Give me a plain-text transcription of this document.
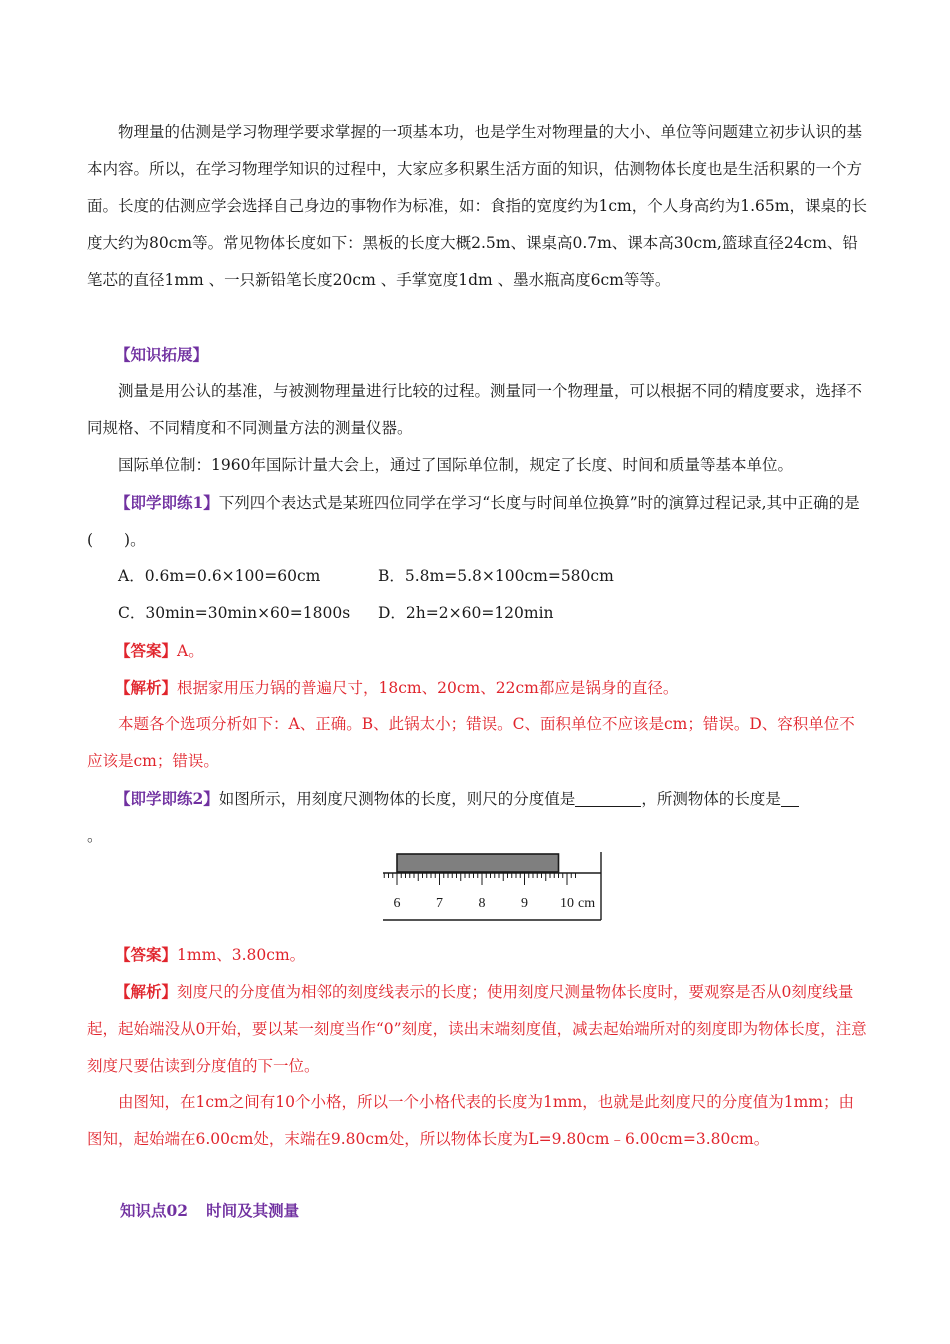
物理量的估测是学习物理学要求掌握的一项基本功，也是学生对物理量的大小、单位等问题建立初步认识的基本内容。所以，在学习物理学知识的过程中，大家应多积累生活方面的知识，估测物体长度也是生活积累的一个方面。长度的估测应学会选择自己身边的事物作为标准，如：食指的宽度约为1cm，个人身高约为1.65m，课桌的长度大约为80cm等。常见物体长度如下：黑板的长度大概2.5m、课桌高0.7m、课本高30cm,篮球直径24cm、铅笔芯的直径1mm 、一只新铅笔长度20cm 、手掌宽度1dm 、墨水瓶高度6cm等等。

【知识拓展】

测量是用公认的基准，与被测物理量进行比较的过程。测量同一个物理量，可以根据不同的精度要求，选择不同规格、不同精度和不同测量方法的测量仪器。

国际单位制：1960年国际计量大会上，通过了国际单位制，规定了长度、时间和质量等基本单位。

【即学即练1】下列四个表达式是某班四位同学在学习“长度与时间单位换算”时的演算过程记录,其中正确的是(　　)。

A．0.6m=0.6×100=60cm	B．5.8m=5.8×100cm=580cm
C．30min=30min×60=1800s D．2h=2×60=120min

【答案】A。

【解析】根据家用压力锅的普遍尺寸，18cm、20cm、22cm都应是锅身的直径。

本题各个选项分析如下：A、正确。B、此锅太小；错误。C、面积单位不应该是cm；错误。D、容积单位不应该是cm；错误。

【即学即练2】如图所示，用刻度尺测物体的长度，则尺的分度值是	，所测物体的长度是
。

6	7	8	9 10 cm

【答案】1mm、3.80cm。

【解析】刻度尺的分度值为相邻的刻度线表示的长度；使用刻度尺测量物体长度时，要观察是否从0刻度线量起，起始端没从0开始，要以某一刻度当作“0”刻度，读出末端刻度值，减去起始端所对的刻度即为物体长度，注意刻度尺要估读到分度值的下一位。

由图知，在1cm之间有10个小格，所以一个小格代表的长度为1mm，也就是此刻度尺的分度值为1mm；由图知，起始端在6.00cm处，末端在9.80cm处，所以物体长度为L=9.80cm﹣6.00cm=3.80cm。

知识点02 时间及其测量
